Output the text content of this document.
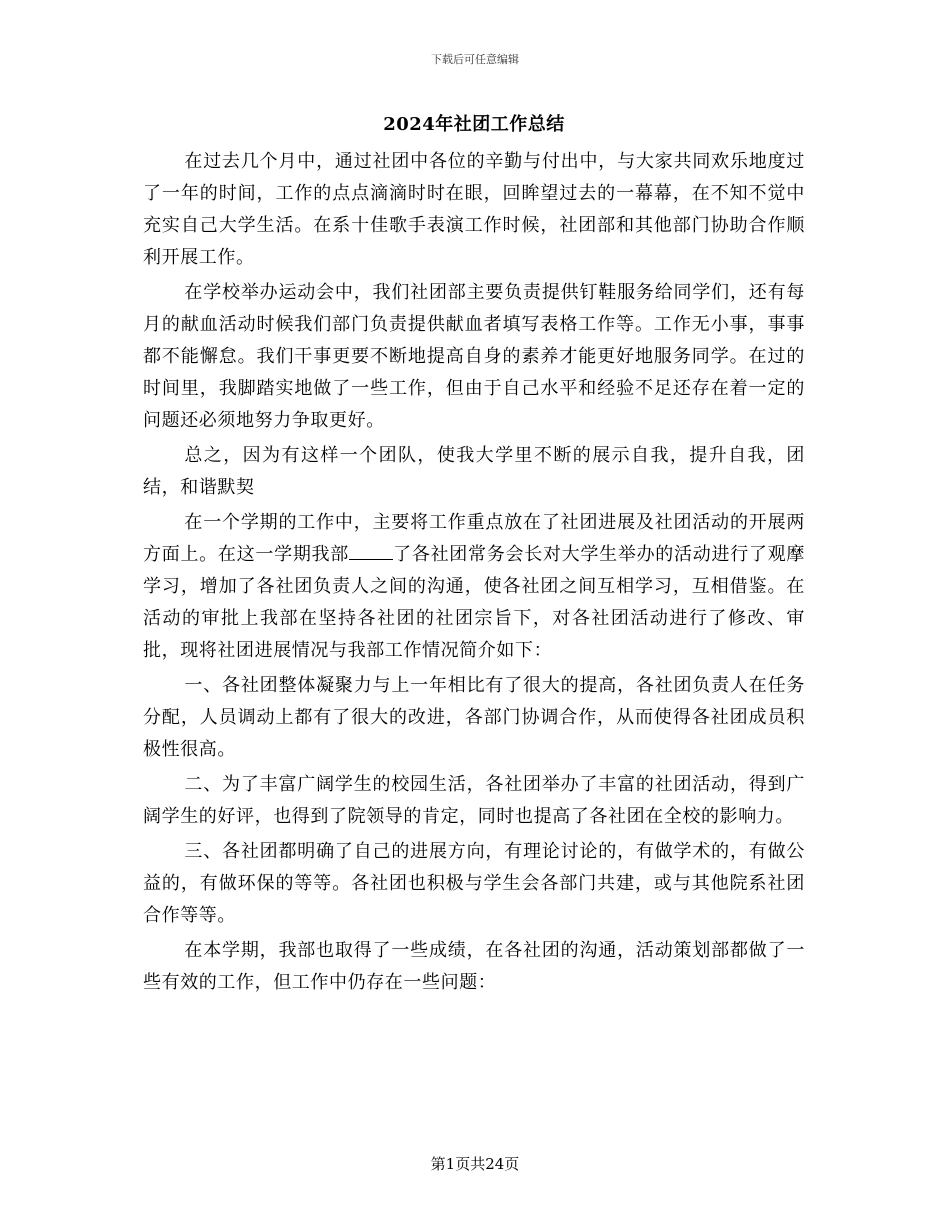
下载后可任意编辑
2024年社团工作总结

在过去几个月中，通过社团中各位的辛勤与付出中，与大家共同欢乐地度过了一年的时间，工作的点点滴滴时时在眼，回眸望过去的一幕幕，在不知不觉中充实自己大学生活。在系十佳歌手表演工作时候，社团部和其他部门协助合作顺利开展工作。

在学校举办运动会中，我们社团部主要负责提供钉鞋服务给同学们，还有每月的献血活动时候我们部门负责提供献血者填写表格工作等。工作无小事，事事都不能懈怠。我们干事更要不断地提高自身的素养才能更好地服务同学。在过的时间里，我脚踏实地做了一些工作，但由于自己水平和经验不足还存在着一定的问题还必须地努力争取更好。

总之，因为有这样一个团队，使我大学里不断的展示自我，提升自我，团结，和谐默契

在一个学期的工作中，主要将工作重点放在了社团进展及社团活动的开展两方面上。在这一学期我部 了各社团常务会长对大学生举办的活动进行了观摩学习，增加了各社团负责人之间的沟通，使各社团之间互相学习，互相借鉴。在活动的审批上我部在坚持各社团的社团宗旨下，对各社团活动进行了修改、审批，现将社团进展情况与我部工作情况简介如下：

一、各社团整体凝聚力与上一年相比有了很大的提高，各社团负责人在任务分配，人员调动上都有了很大的改进，各部门协调合作，从而使得各社团成员积极性很高。

二、为了丰富广阔学生的校园生活，各社团举办了丰富的社团活动，得到广阔学生的好评，也得到了院领导的肯定，同时也提高了各社团在全校的影响力。

三、各社团都明确了自己的进展方向，有理论讨论的，有做学术的，有做公益的，有做环保的等等。各社团也积极与学生会各部门共建，或与其他院系社团合作等等。

在本学期，我部也取得了一些成绩，在各社团的沟通，活动策划部都做了一些有效的工作，但工作中仍存在一些问题：

第1页共24页
